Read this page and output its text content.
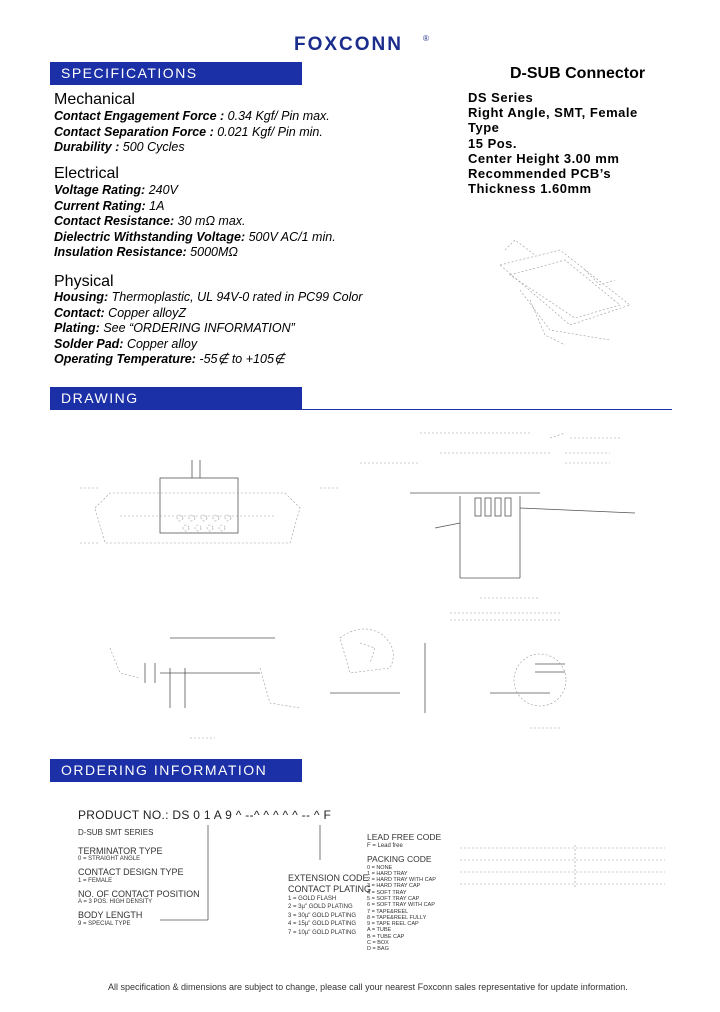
FOXCONN	®
SPECIFICATIONS	D-SUB Connector
DS Series
Right Angle, SMT, Female
Type
15 Pos.
Center Height 3.00 mm
Recommended PCB’s
Thickness 1.60mm
Mechanical
Contact Engagement Force : 0.34 Kgf/ Pin max.
Contact Separation Force : 0.021 Kgf/ Pin min.
Durability : 500 Cycles
Electrical
Voltage Rating: 240V
Current Rating: 1A
Contact Resistance: 30 mΩ max.
Dielectric Withstanding Voltage: 500V AC/1 min.
Insulation Resistance: 5000MΩ
Physical
Housing: Thermoplastic, UL 94V-0 rated in PC99 Color
Contact: Copper alloyZ
Plating: See “ORDERING INFORMATION”
Solder Pad: Copper alloy
Operating Temperature: -55∉ to +105∉
DRAWING
ORDERING INFORMATION
PRODUCT NO.: DS 0 1 A 9 ^ --^ ^ ^ ^ ^ -- ^ F
D-SUB SMT SERIES
TERMINATOR TYPE
0 = STRAIGHT ANGLE
CONTACT DESIGN TYPE
1 = FEMALE
NO. OF CONTACT POSITION
A = 3 POS. HIGH DENSITY
BODY LENGTH
9 = SPECIAL TYPE
EXTENSION CODE
CONTACT PLATING
1 = GOLD FLASH
2 = 3µ" GOLD PLATING
3 = 30µ" GOLD PLATING
4 = 15µ" GOLD PLATING
7 = 10µ" GOLD PLATING
LEAD FREE CODE
F = Lead free
PACKING CODE
0 = NONE
1 = HARD TRAY
2 = HARD TRAY WITH CAP
3 = HARD TRAY CAP
4 = SOFT TRAY
5 = SOFT TRAY CAP
6 = SOFT TRAY WITH CAP
7 = TAPE&REEL
8 = TAPE&REEL FULLY
9 = TAPE REEL CAP
A = TUBE
B = TUBE CAP
C = BOX
D = BAG
All specification & dimensions are subject to change, please call your nearest Foxconn sales representative for update information.
